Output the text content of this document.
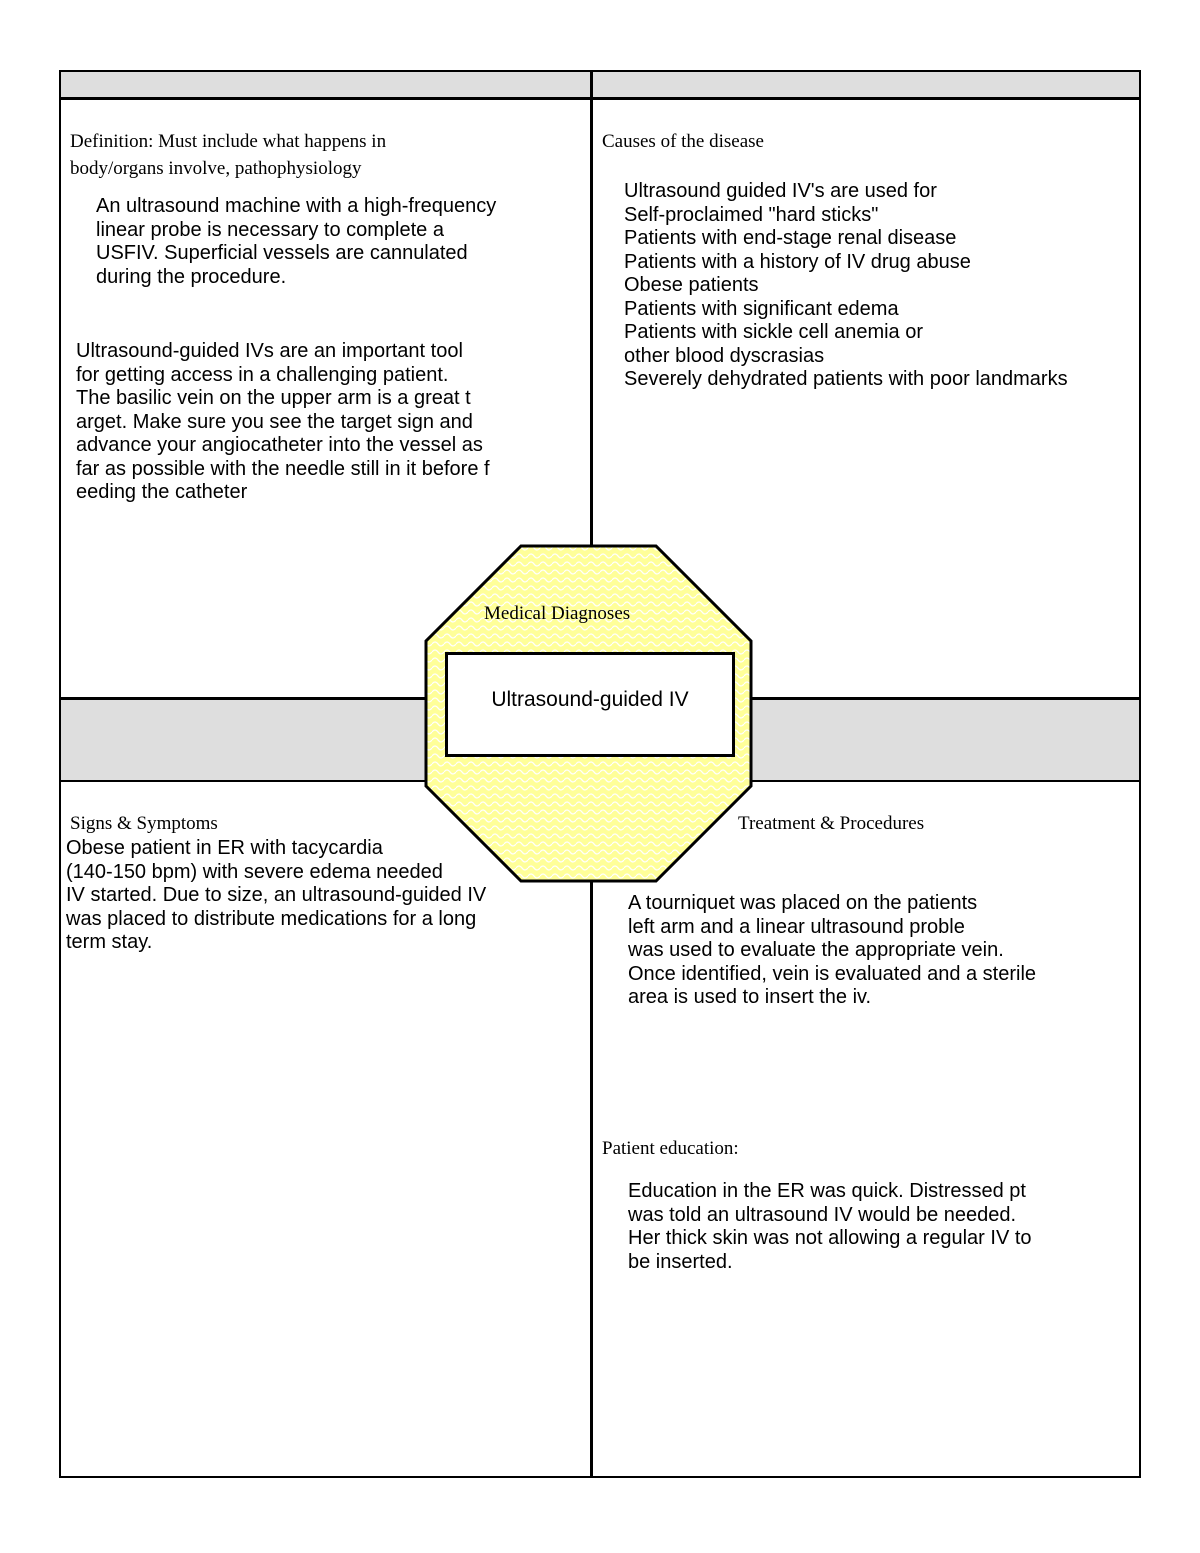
Definition: Must include what happens in
body/organs involve, pathophysiology
An ultrasound machine with a high-frequency
linear probe is necessary to complete a
USFIV. Superficial vessels are cannulated
during the procedure.
Ultrasound-guided IVs are an important tool
for getting access in a challenging patient.
The basilic vein on the upper arm is a great t
arget. Make sure you see the target sign and
advance your angiocatheter into the vessel as
far as possible with the needle still in it before f
eeding the catheter
Causes of the disease
Ultrasound guided IV's are used for
Self-proclaimed "hard sticks"
Patients with end-stage renal disease
Patients with a history of IV drug abuse
Obese patients
Patients with significant edema
Patients with sickle cell anemia or
other blood dyscrasias
Severely dehydrated patients with poor landmarks
Signs & Symptoms
Obese patient in ER with tacycardia
(140-150 bpm) with severe edema needed
IV started. Due to size, an ultrasound-guided IV
was placed to distribute medications for a long
term stay.
Treatment & Procedures
A tourniquet was placed on the patients
left arm and a linear ultrasound proble
was used to evaluate the appropriate vein.
Once identified, vein is evaluated and a sterile
area is used to insert the iv.
Patient education:
Education in the ER was quick. Distressed pt
was told an ultrasound IV would be needed.
Her thick skin was not allowing a regular IV to
be inserted.
Medical Diagnoses
Ultrasound-guided IV
